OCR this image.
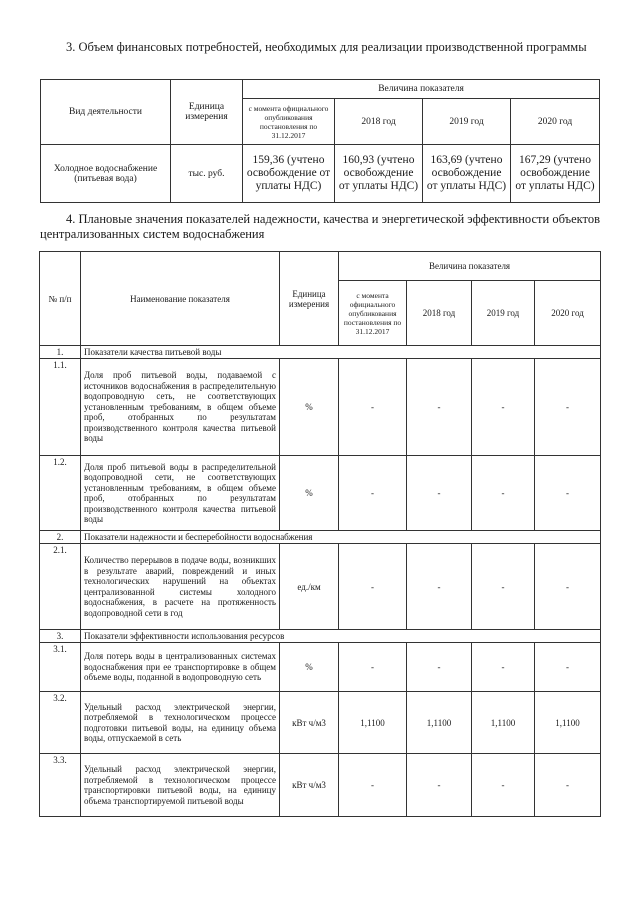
3. Объем финансовых потребностей, необходимых для реализации производственной программы
Вид деятельности	Единица измерения	Величина показателя			
		с момента официального опубликования постановления по 31.12.2017	2018 год	2019 год	2020 год
Холодное водоснабжение (питьевая вода)	тыс. руб.	159,36 (учтено освобождение от уплаты НДС)	160,93 (учтено освобождение от уплаты НДС)	163,69 (учтено освобождение от уплаты НДС)	167,29 (учтено освобождение от уплаты НДС)
4. Плановые значения показателей надежности, качества и энергетической эффективности объектов централизованных систем водоснабжения
№ п/п	Наименование показателя	Единица измерения	Величина показателя			
			с момента официального опубликования постановления по 31.12.2017	2018 год	2019 год	2020 год
1.	Показатели качества питьевой воды					
1.1.	Доля проб питьевой воды, подаваемой с источников водоснабжения в распределительную водопроводную сеть, не соответствующих установленным требованиям, в общем объеме проб, отобранных по результатам производственного контроля качества питьевой воды	%	-	-	-	-
1.2.	Доля проб питьевой воды в распределительной водопроводной сети, не соответствующих установленным требованиям, в общем объеме проб, отобранных по результатам производственного контроля качества питьевой воды	%	-	-	-	-
2.	Показатели надежности и бесперебойности водоснабжения					
2.1.	Количество перерывов в подаче воды, возникших в результате аварий, повреждений и иных технологических нарушений на объектах централизованной системы холодного водоснабжения, в расчете на протяженность водопроводной сети в год	ед./км	-	-	-	-
3.	Показатели эффективности использования ресурсов					
3.1.	Доля потерь воды в централизованных системах водоснабжения при ее транспортировке в общем объеме воды, поданной в водопроводную сеть	%	-	-	-	-
3.2.	Удельный расход электрической энергии, потребляемой в технологическом процессе подготовки питьевой воды, на единицу объема воды, отпускаемой в сеть	кВт ч/м3	1,1100	1,1100	1,1100	1,1100
3.3.	Удельный расход электрической энергии, потребляемой в технологическом процессе транспортировки питьевой воды, на единицу объема транспортируемой питьевой воды	кВт ч/м3	-	-	-	-
